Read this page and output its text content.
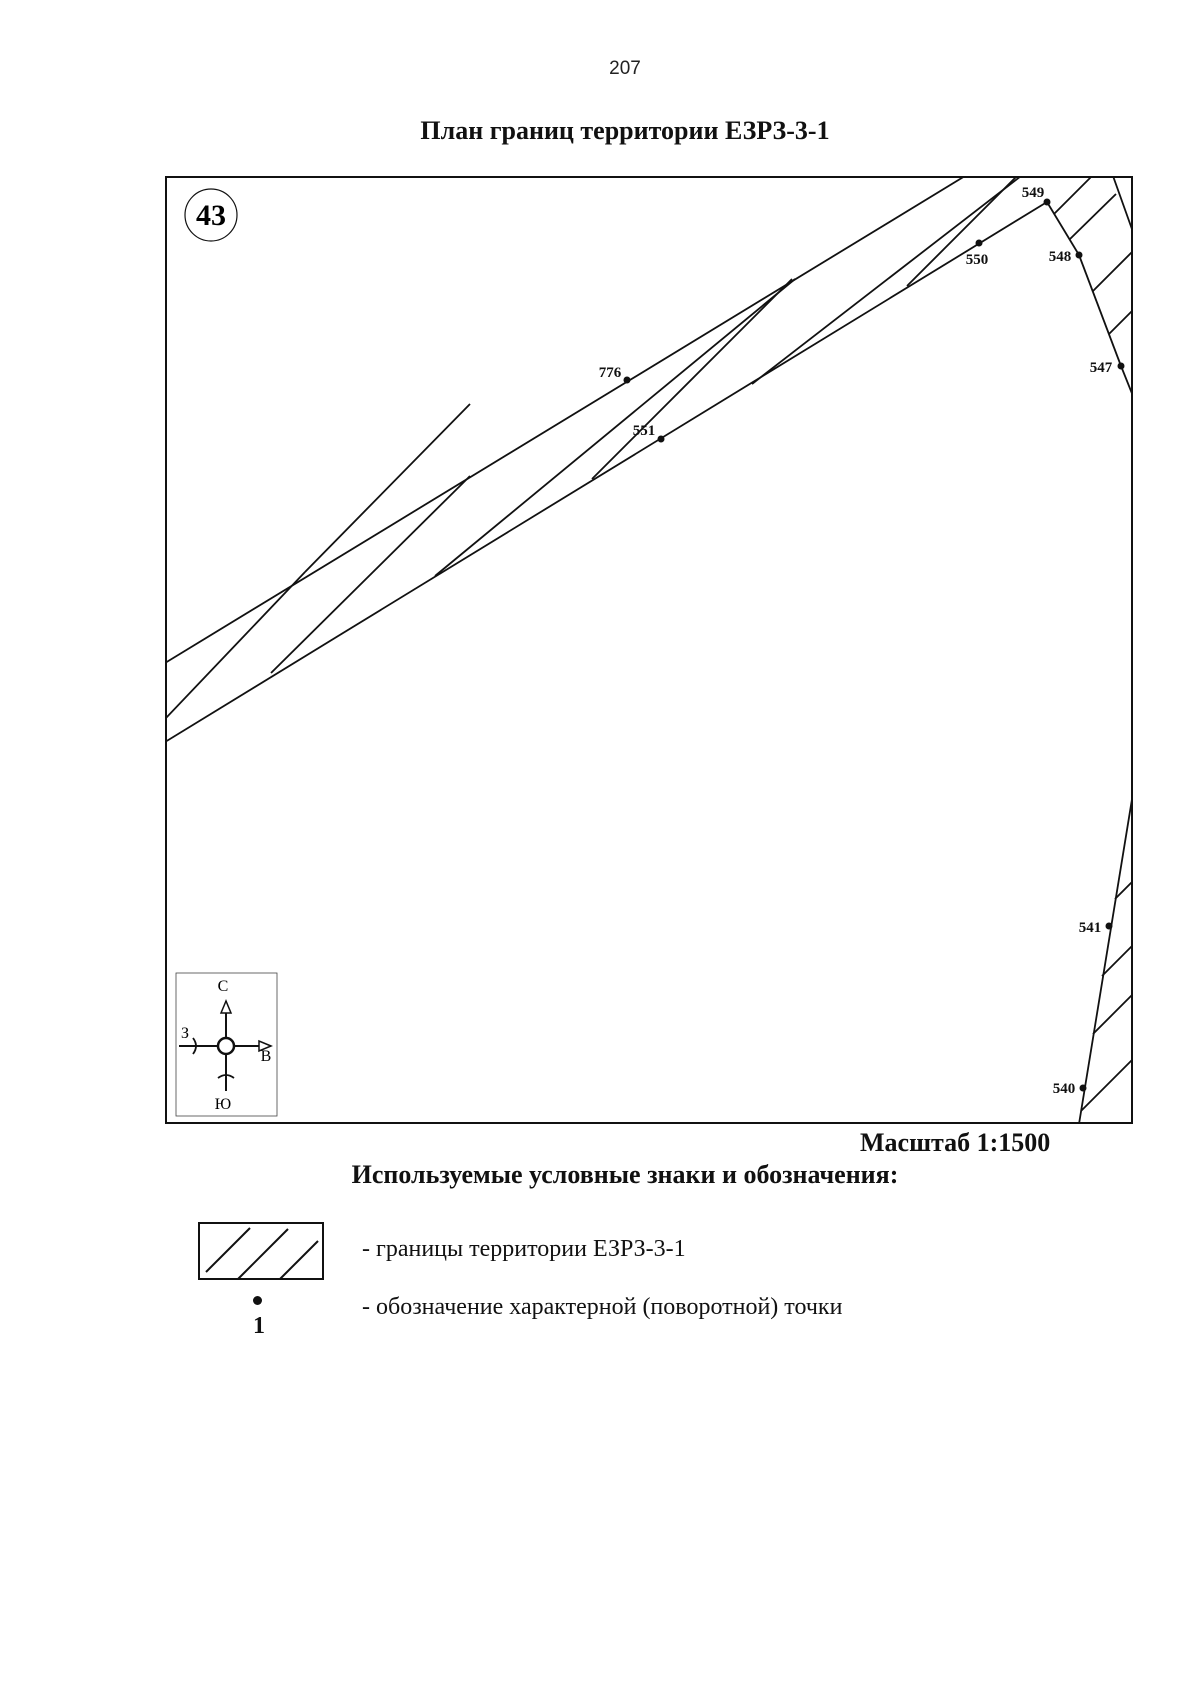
207
План границ территории ЕЗРЗ-3-1
43
549
550	548
547
776
551
541
540
С
Ю
З
В
Масштаб 1:1500
Используемые условные знаки и обозначения:
1
- границы территории ЕЗРЗ-3-1
- обозначение характерной (поворотной) точки
